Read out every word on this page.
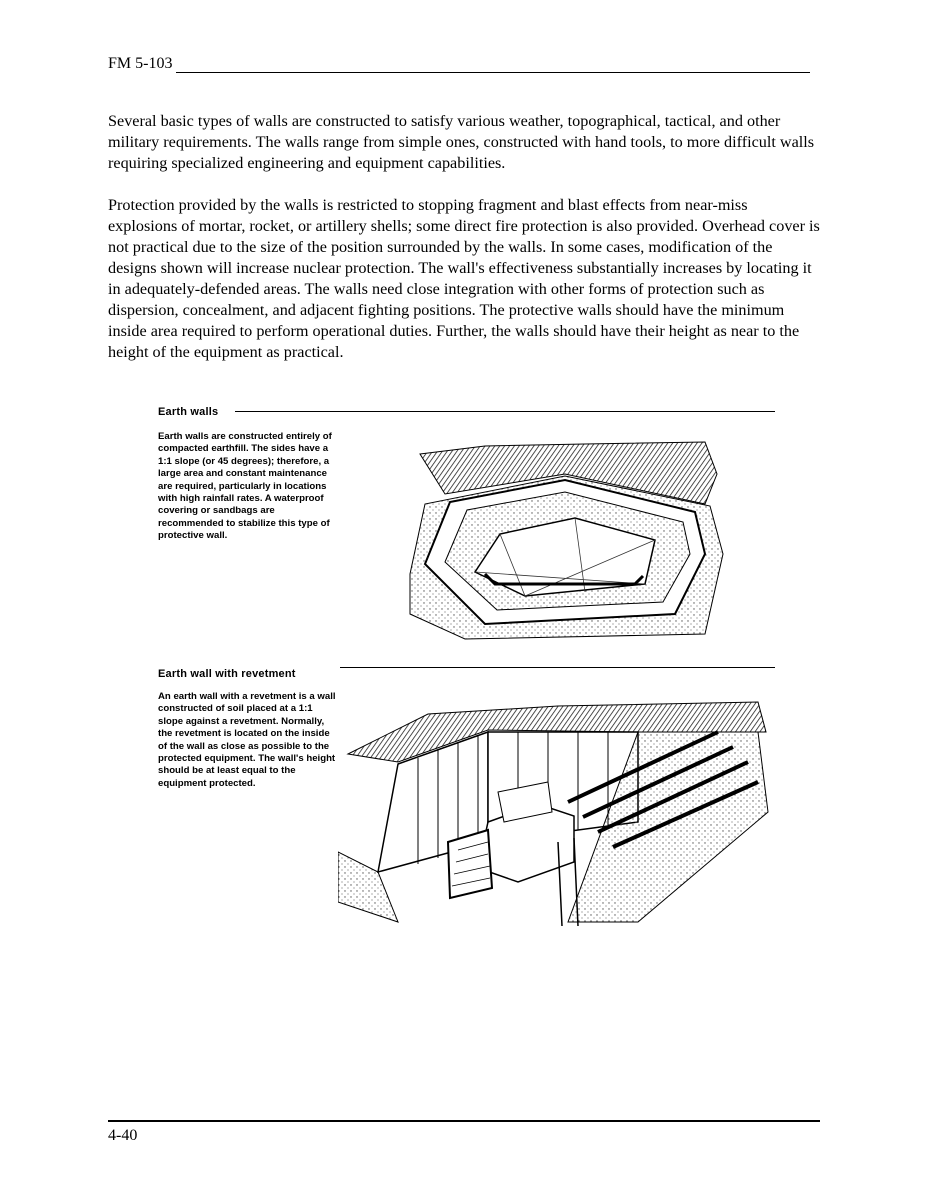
FM 5-103

Several basic types of walls are constructed to satisfy various weather, topographical, tactical, and other military requirements. The walls range from simple ones, constructed with hand tools, to more difficult walls requiring specialized engineering and equipment capabilities.

Protection provided by the walls is restricted to stopping fragment and blast effects from near-miss explosions of mortar, rocket, or artillery shells; some direct fire protection is also provided. Overhead cover is not practical due to the size of the position surrounded by the walls. In some cases, modification of the designs shown will increase nuclear protection. The wall's effectiveness substantially increases by locating it in adequately-defended areas. The walls need close integration with other forms of protection such as dispersion, concealment, and adjacent fighting positions. The protective walls should have the minimum inside area required to perform operational duties. Further, the walls should have their height as near to the height of the equipment as practical.

Earth walls

Earth walls are constructed entirely of compacted earthfill. The sides have a 1:1 slope (or 45 degrees); therefore, a large area and constant maintenance are required, particularly in locations with high rainfall rates. A waterproof covering or sandbags are recommended to stabilize this type of protective wall.

Earth wall with revetment

An earth wall with a revetment is a wall constructed of soil placed at a 1:1 slope against a revetment. Normally, the revetment is located on the inside of the wall as close as possible to the protected equipment. The wall's height should be at least equal to the equipment protected.

4-40
